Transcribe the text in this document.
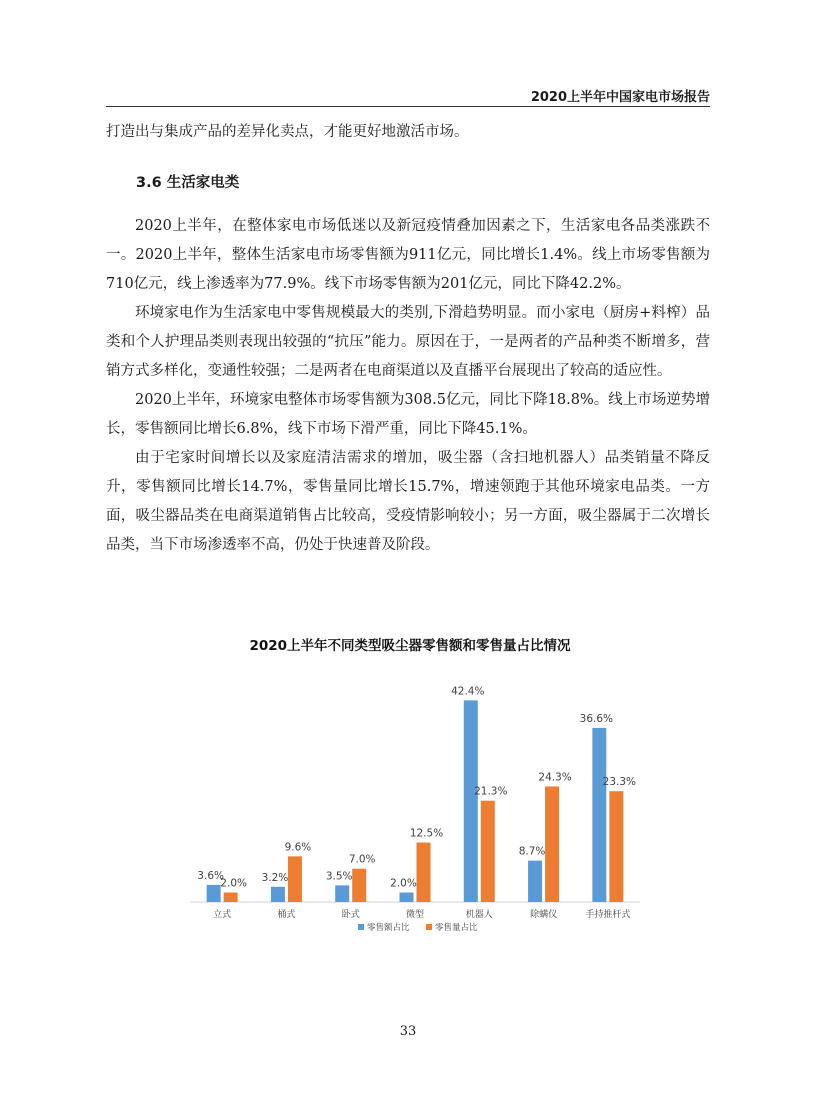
2020上半年中国家电市场报告

打造出与集成产品的差异化卖点，才能更好地激活市场。

3.6 生活家电类

2020上半年，在整体家电市场低迷以及新冠疫情叠加因素之下，生活家电各品类涨跌不一。2020上半年，整体生活家电市场零售额为911亿元，同比增长1.4%。线上市场零售额为710亿元，线上渗透率为77.9%。线下市场零售额为201亿元，同比下降42.2%。

环境家电作为生活家电中零售规模最大的类别,下滑趋势明显。而小家电（厨房+料榨）品类和个人护理品类则表现出较强的“抗压”能力。原因在于，一是两者的产品种类不断增多，营销方式多样化，变通性较强；二是两者在电商渠道以及直播平台展现出了较高的适应性。

2020上半年，环境家电整体市场零售额为308.5亿元，同比下降18.8%。线上市场逆势增长，零售额同比增长6.8%，线下市场下滑严重，同比下降45.1%。

由于宅家时间增长以及家庭清洁需求的增加，吸尘器（含扫地机器人）品类销量不降反升，零售额同比增长14.7%，零售量同比增长15.7%，增速领跑于其他环境家电品类。一方面，吸尘器品类在电商渠道销售占比较高，受疫情影响较小；另一方面，吸尘器属于二次增长品类，当下市场渗透率不高，仍处于快速普及阶段。

2020上半年不同类型吸尘器零售额和零售量占比情况
3.6%
2.0%
立式
3.2%
9.6%
桶式
3.5%
7.0%
卧式
2.0%
12.5%
微型
42.4%
21.3%
机器人
8.7%
24.3%
除螨仪
36.6%
23.3%
手持推杆式
零售额占比	零售量占比
33
